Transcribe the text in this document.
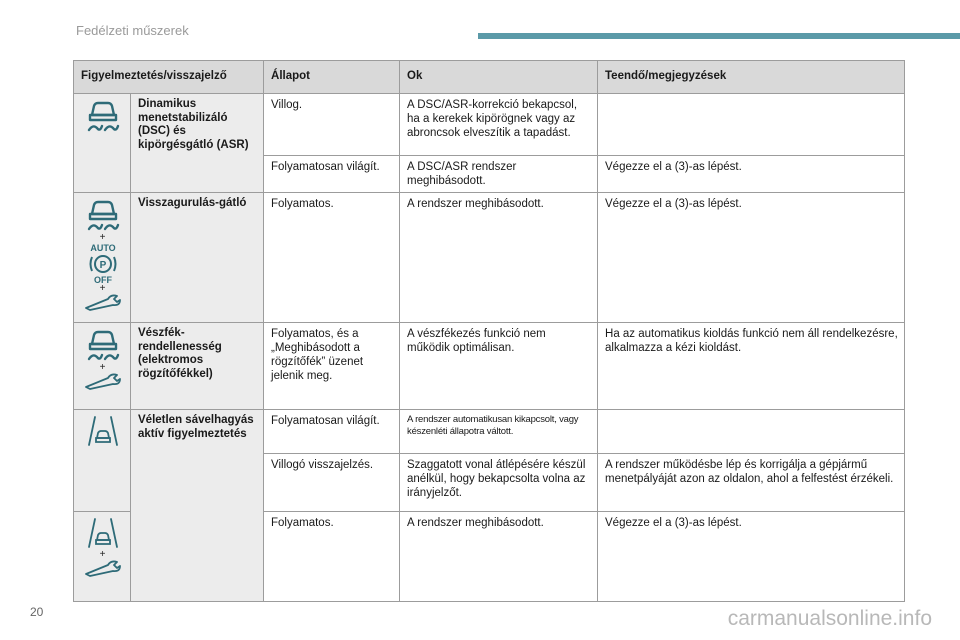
Fedélzeti műszerek
Figyelmeztetés/visszajelző		Állapot	Ok	Teendő/megjegyzések

	Dinamikus menetstabilizáló (DSC) és kipörgésgátló (ASR)	Villog.	A DSC/ASR-korrekció bekapcsol, ha a kerekek kipörögnek vagy az abroncsok elveszítik a tapadást.	
		Folyamatosan világít.	A DSC/ASR rendszer meghibásodott.	Végezze el a (3)-as lépést.

+
AUTO
P
OFF
+	Visszagurulás-gátló	Folyamatos.	A rendszer meghibásodott.	Végezze el a (3)-as lépést.

+	Vészfék-rendellenesség (elektromos rögzítőfékkel)	Folyamatos, és a „Meghibásodott a rögzítőfék” üzenet jelenik meg.	A vészfékezés funkció nem működik optimálisan.	Ha az automatikus kioldás funkció nem áll rendelkezésre, alkalmazza a kézi kioldást.

	Véletlen sávelhagyás aktív figyelmeztetés	Folyamatosan világít.	A rendszer automatikusan kikapcsolt, vagy készenléti állapotra váltott.	
		Villogó visszajelzés.	Szaggatott vonal átlépésére készül anélkül, hogy bekapcsolta volna az irányjelzőt.	A rendszer működésbe lép és korrigálja a gépjármű menetpályáját azon az oldalon, ahol a felfestést érzékeli.

+		Folyamatos.	A rendszer meghibásodott.	Végezze el a (3)-as lépést.
20	carmanualsonline.info
